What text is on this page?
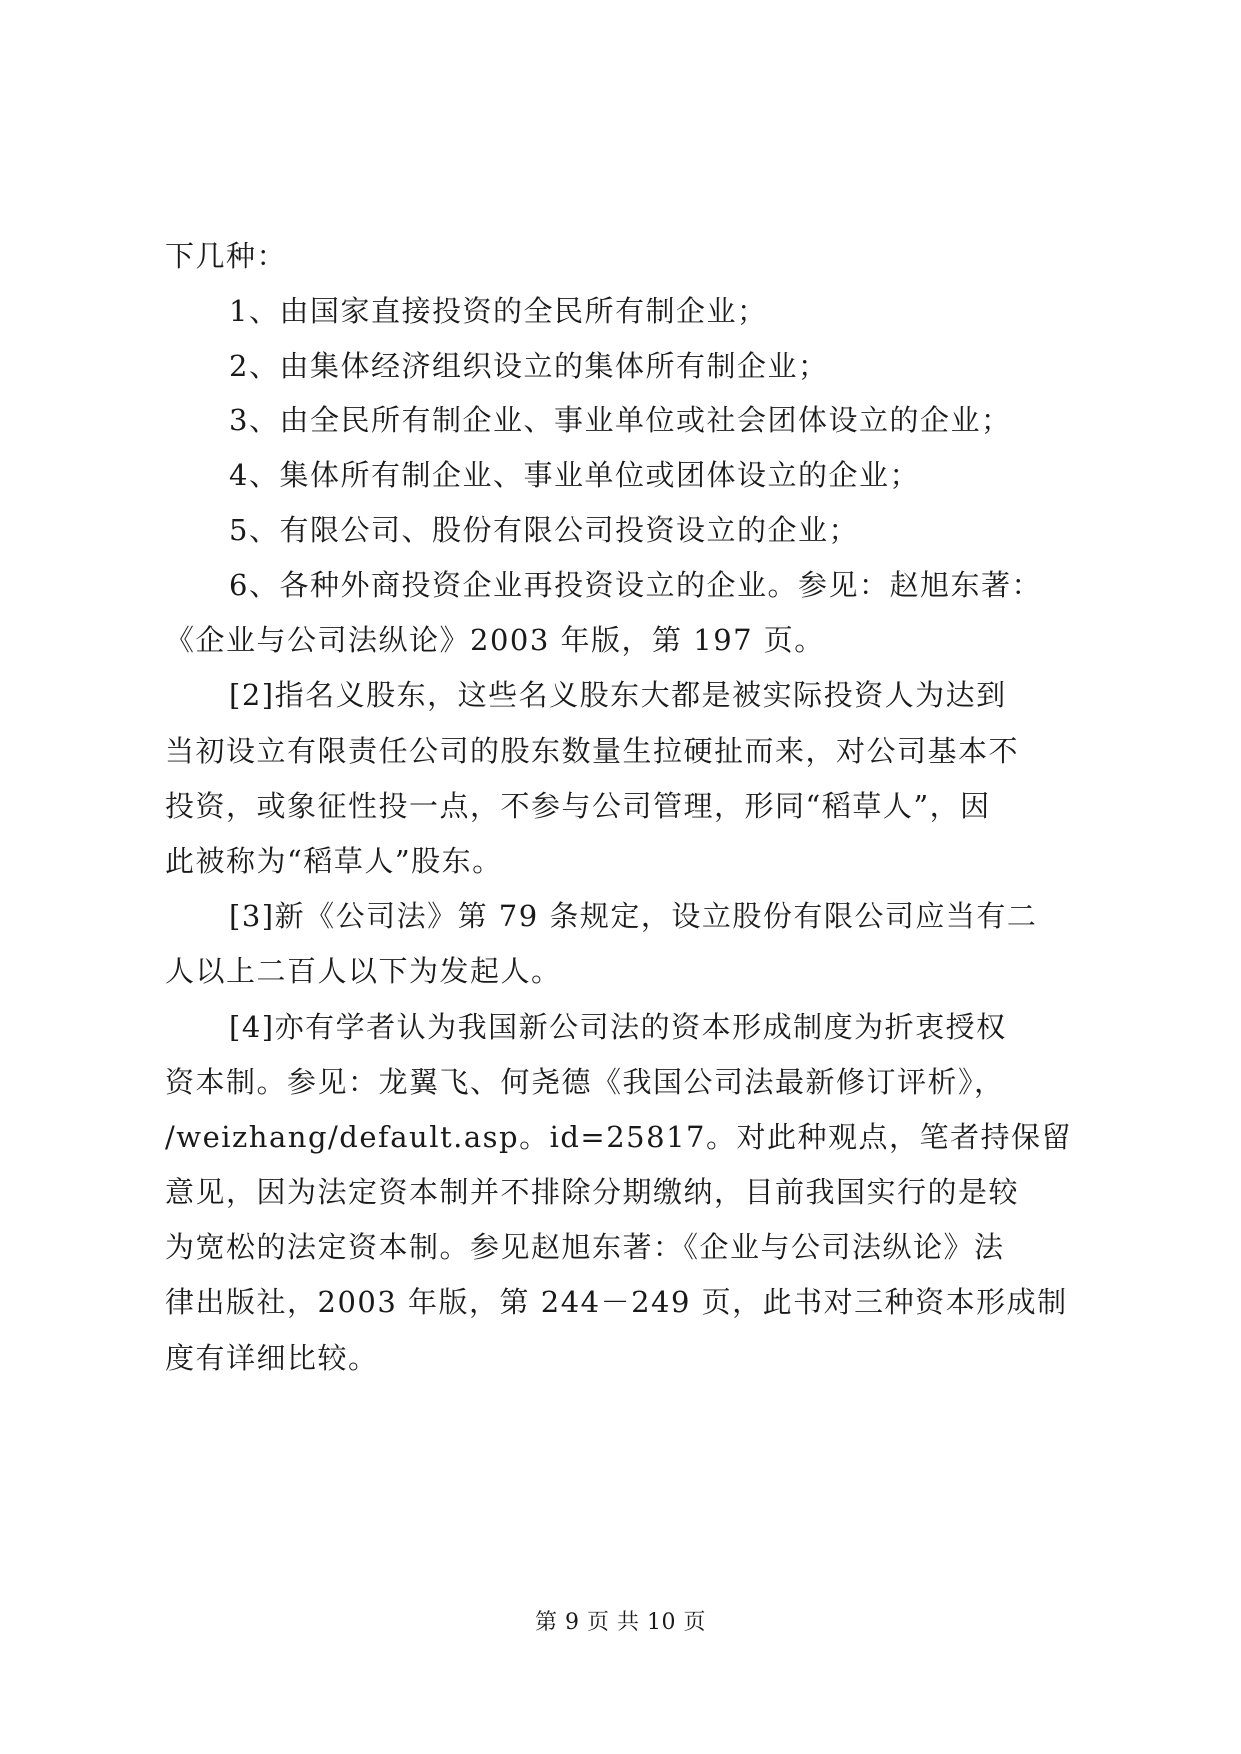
下几种：
1、由国家直接投资的全民所有制企业；
2、由集体经济组织设立的集体所有制企业；
3、由全民所有制企业、事业单位或社会团体设立的企业；
4、集体所有制企业、事业单位或团体设立的企业；
5、有限公司、股份有限公司投资设立的企业；
6、各种外商投资企业再投资设立的企业。参见：赵旭东著：
《企业与公司法纵论》2003 年版，第 197 页。
[2]指名义股东，这些名义股东大都是被实际投资人为达到
当初设立有限责任公司的股东数量生拉硬扯而来，对公司基本不
投资，或象征性投一点，不参与公司管理，形同“稻草人”，因
此被称为“稻草人”股东。
[3]新《公司法》第 79 条规定，设立股份有限公司应当有二
人以上二百人以下为发起人。
[4]亦有学者认为我国新公司法的资本形成制度为折衷授权
资本制。参见：龙翼飞、何尧德《我国公司法最新修订评析》，
/weizhang/default.asp。id=25817。对此种观点，笔者持保留
意见，因为法定资本制并不排除分期缴纳，目前我国实行的是较
为宽松的法定资本制。参见赵旭东著：《企业与公司法纵论》法
律出版社，2003 年版，第 244－249 页，此书对三种资本形成制
度有详细比较。
第 9 页 共 10 页
